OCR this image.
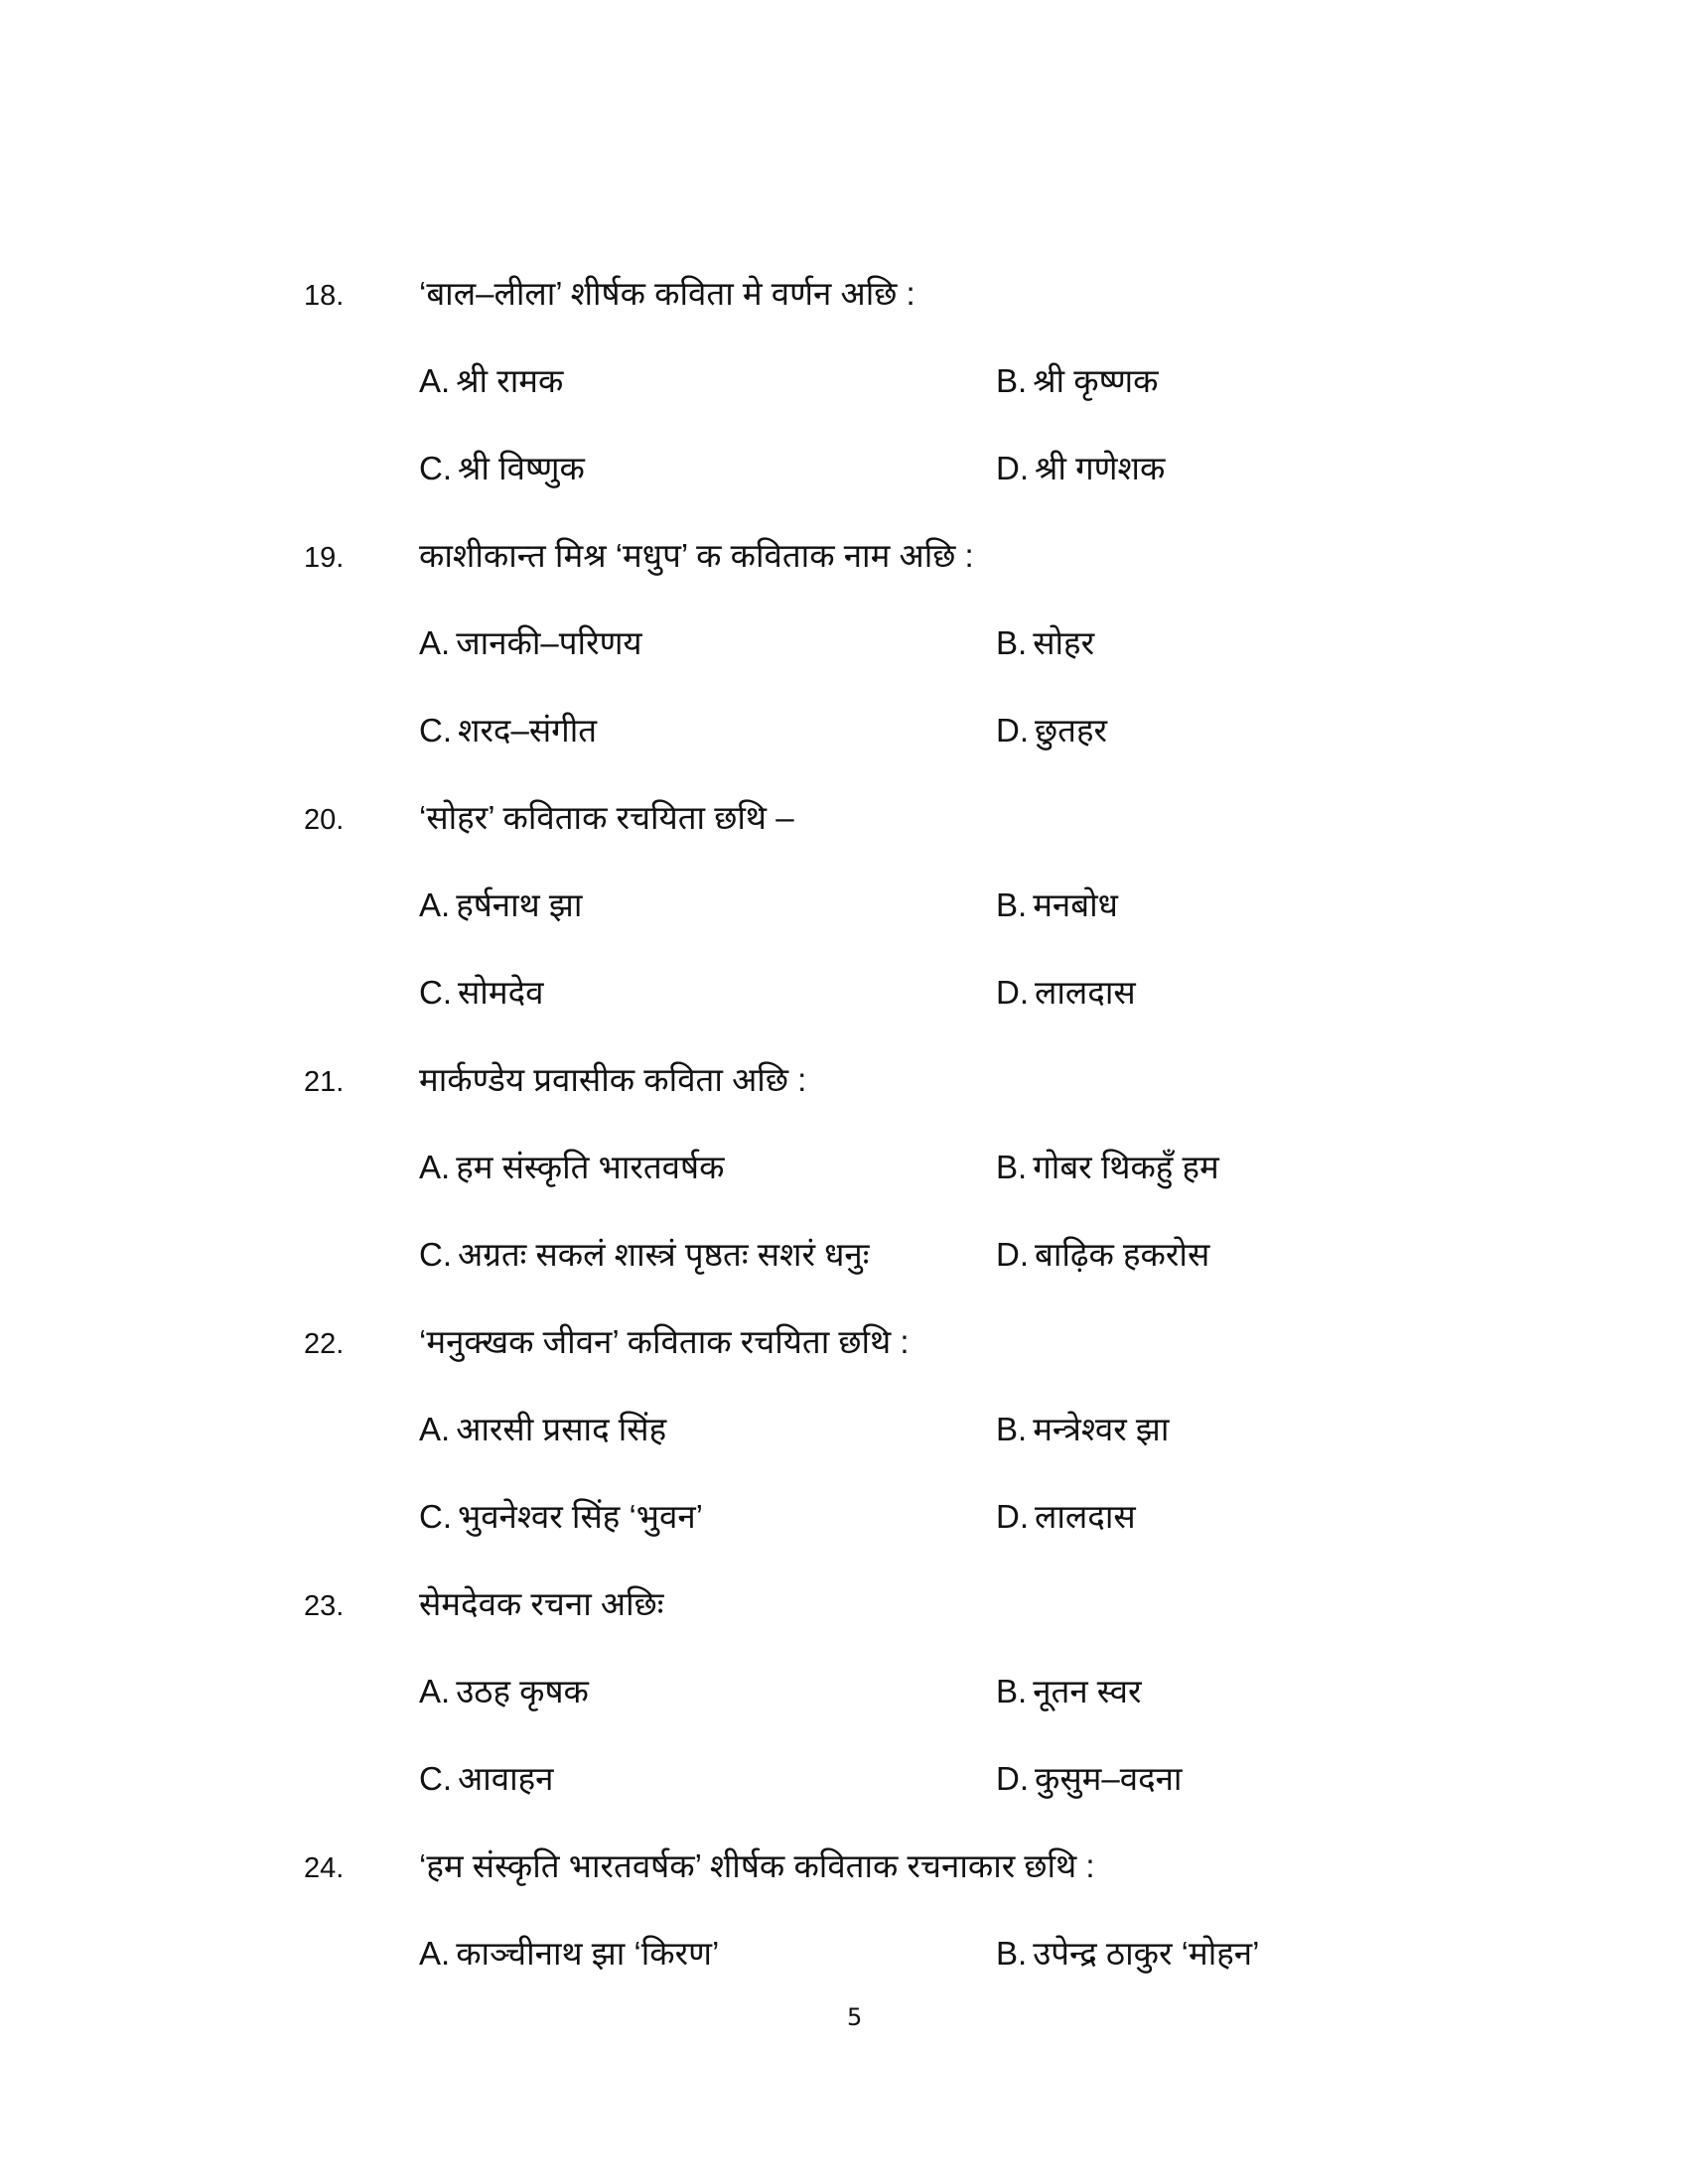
18. ‘बाल–लीला’ शीर्षक कविता मे वर्णन अछि :
A. श्री रामक	B. श्री कृष्णक
C. श्री विष्णुक	D. श्री गणेशक
19. काशीकान्त मिश्र ‘मधुप’ क कविताक नाम अछि :
A. जानकी–परिणय	B. सोहर
C. शरद–संगीत	D. छुतहर
20. ‘सोहर’ कविताक रचयिता छथि –
A. हर्षनाथ झा	B. मनबोध
C. सोमदेव	D. लालदास
21. मार्कण्डेय प्रवासीक कविता अछि :
A. हम संस्कृति भारतवर्षक	B. गोबर थिकहुँ हम
C. अग्रतः सकलं शास्त्रं पृष्ठतः सशरं धनुः	D. बाढ़िक हकरोस
22. ‘मनुक्खक जीवन’ कविताक रचयिता छथि :
A. आरसी प्रसाद सिंह	B. मन्त्रेश्वर झा
C. भुवनेश्वर सिंह ‘भुवन’	D. लालदास
23. सेमदेवक रचना अछिः
A. उठह कृषक	B. नूतन स्वर
C. आवाहन	D. कुसुम–वदना
24. ‘हम संस्कृति भारतवर्षक’ शीर्षक कविताक रचनाकार छथि :
A. काञ्चीनाथ झा ‘किरण’	B. उपेन्द्र ठाकुर ‘मोहन’
5
